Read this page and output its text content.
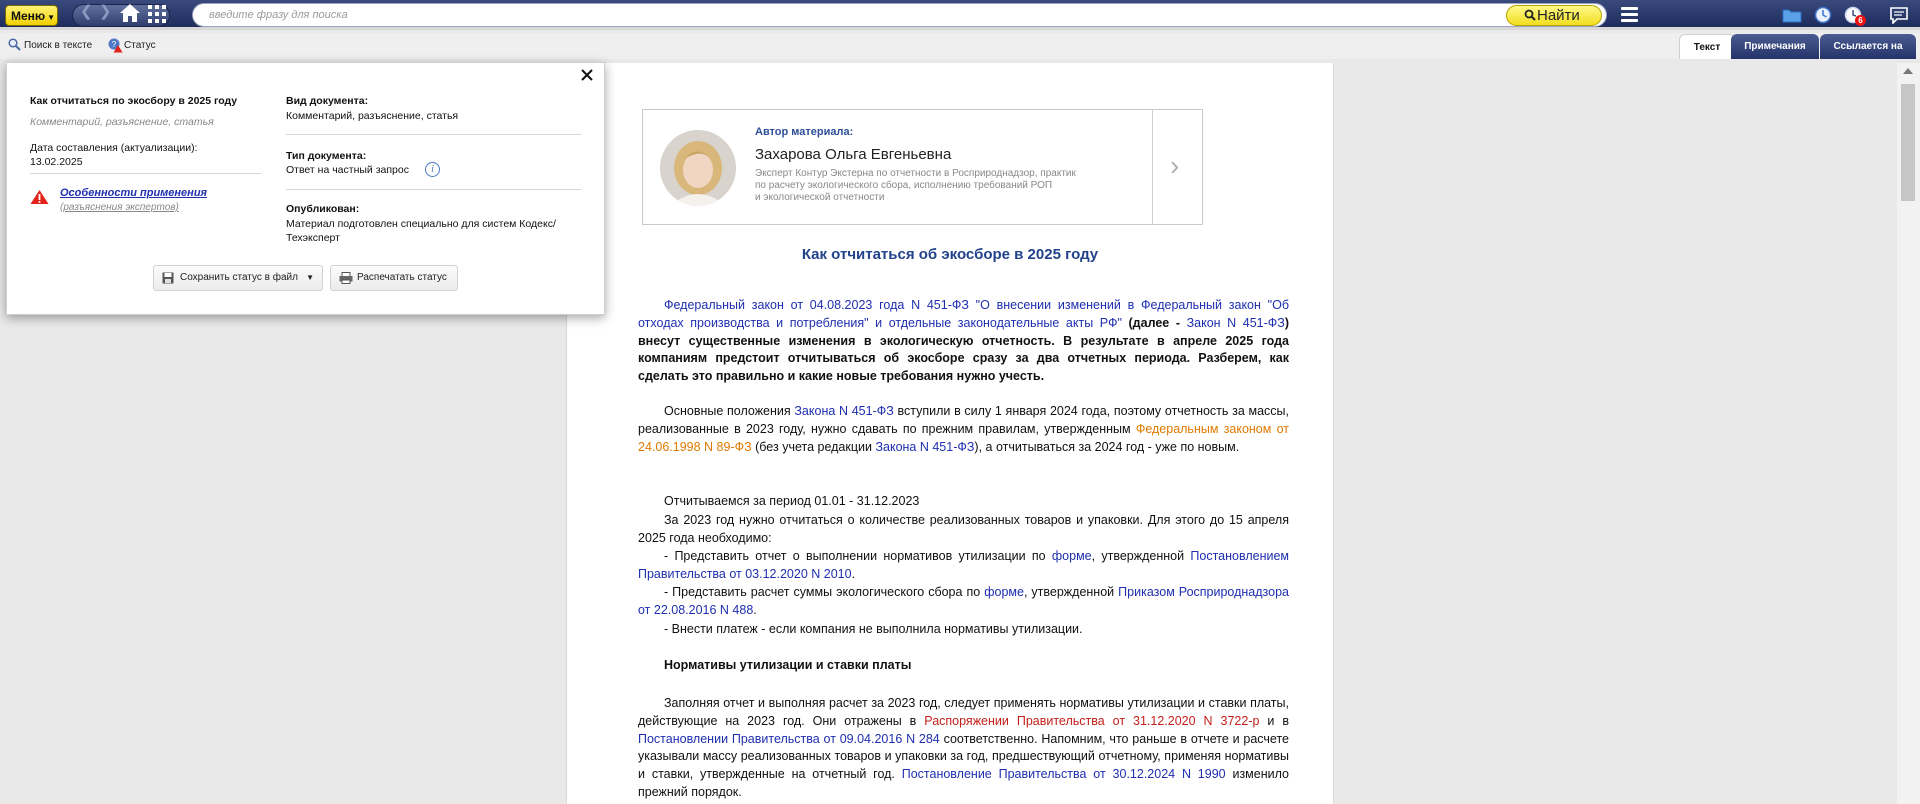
Меню ▼ ❮ ❯
введите фразу для поиска	Найти	6
Поиск в тексте ? Статус	Текст	Примечания	Ссылается на
›
Автор материала:
Захарова Ольга Евгеньевна
Эксперт Контур Экстерна по отчетности в Росприроднадзор, практик
по расчету экологического сбора, исполнению требований РОП
и экологической отчетности
Как отчитаться об экосборе в 2025 году
Федеральный закон от 04.08.2023 года N 451-ФЗ "О внесении изменений в Федеральный закон "Об отходах производства и потребления" и отдельные законодательные акты РФ" (далее - Закон N 451-ФЗ) внесут существенные изменения в экологическую отчетность. В результате в апреле 2025 года компаниям предстоит отчитываться об экосборе сразу за два отчетных периода. Разберем, как сделать это правильно и какие новые требования нужно учесть.
Основные положения Закона N 451-ФЗ вступили в силу 1 января 2024 года, поэтому отчетность за массы, реализованные в 2023 году, нужно сдавать по прежним правилам, утвержденным Федеральным законом от 24.06.1998 N 89-ФЗ (без учета редакции Закона N 451-ФЗ), а отчитываться за 2024 год - уже по новым.
Отчитываемся за период 01.01 - 31.12.2023
За 2023 год нужно отчитаться о количестве реализованных товаров и упаковки. Для этого до 15 апреля 2025 года необходимо:
- Представить отчет о выполнении нормативов утилизации по форме, утвержденной Постановлением Правительства от 03.12.2020 N 2010.
- Представить расчет суммы экологического сбора по форме, утвержденной Приказом Росприроднадзора от 22.08.2016 N 488.
- Внести платеж - если компания не выполнила нормативы утилизации.
Нормативы утилизации и ставки платы
Заполняя отчет и выполняя расчет за 2023 год, следует применять нормативы утилизации и ставки платы, действующие на 2023 год. Они отражены в Распоряжении Правительства от 31.12.2020 N 3722-р и в Постановлении Правительства от 09.04.2016 N 284 соответственно. Напомним, что раньше в отчете и расчете указывали массу реализованных товаров и упаковки за год, предшествующий отчетному, применяя нормативы и ставки, утвержденные на отчетный год. Постановление Правительства от 30.12.2024 N 1990 изменило прежний порядок.
Как отчитаться по экосбору в 2025 году
Комментарий, разъяснение, статья
Дата составления (актуализации):
13.02.2025
Особенности применения
(разъяснения экспертов)
Вид документа:
Комментарий, разъяснение, статья
Тип документа:
Ответ на частный запрос	i
Опубликован:
Материал подготовлен специально для систем Кодекс/
Техэксперт
Сохранить статус в файл ▼	Распечатать статус
